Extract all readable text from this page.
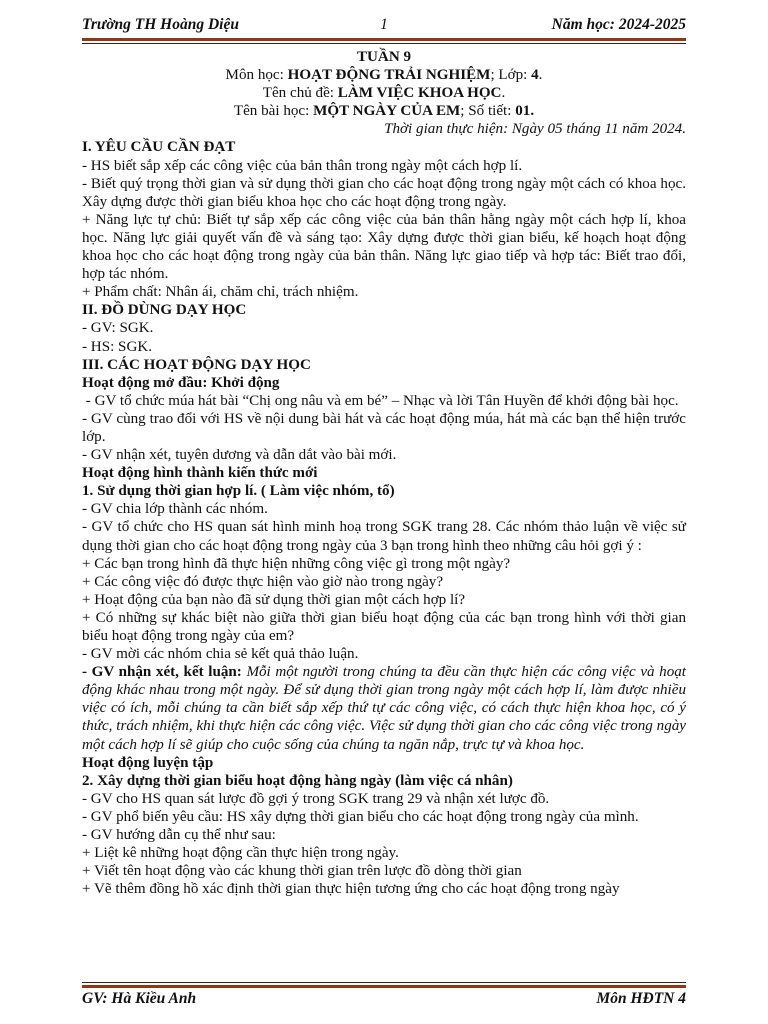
Trường TH Hoàng Diệu	1	Năm học: 2024-2025

TUẦN 9

Môn học: HOẠT ĐỘNG TRẢI NGHIỆM; Lớp: 4.

Tên chủ đề: LÀM VIỆC KHOA HỌC.

Tên bài học: MỘT NGÀY CỦA EM; Số tiết: 01.

Thời gian thực hiện: Ngày 05 tháng 11 năm 2024.

I. YÊU CẦU CẦN ĐẠT

- HS biết sắp xếp các công việc của bản thân trong ngày một cách hợp lí.

- Biết quý trọng thời gian và sử dụng thời gian cho các hoạt động trong ngày một cách có khoa học. Xây dựng được thời gian biểu khoa học cho các hoạt động trong ngày.

+ Năng lực tự chủ: Biết tự sắp xếp các công việc của bản thân hằng ngày một cách hợp lí, khoa học. Năng lực giải quyết vấn đề và sáng tạo: Xây dựng được thời gian biểu, kế hoạch hoạt động khoa học cho các hoạt động trong ngày của bản thân. Năng lực giao tiếp và hợp tác: Biết trao đổi, hợp tác nhóm.

+ Phẩm chất: Nhân ái, chăm chỉ, trách nhiệm.

II. ĐỒ DÙNG DẠY HỌC

- GV: SGK.

- HS: SGK.

III. CÁC HOẠT ĐỘNG DẠY HỌC

Hoạt động mở đầu: Khởi động

- GV tổ chức múa hát bài “Chị ong nâu và em bé” – Nhạc và lời Tân Huyền để khởi động bài học.

- GV cùng trao đổi với HS về nội dung bài hát và các hoạt động múa, hát mà các bạn thể hiện trước lớp.

- GV nhận xét, tuyên dương và dẫn dắt vào bài mới.

Hoạt động hình thành kiến thức mới

1. Sử dụng thời gian hợp lí. ( Làm việc nhóm, tổ)

- GV chia lớp thành các nhóm.

- GV tổ chức cho HS quan sát hình minh hoạ trong SGK trang 28. Các nhóm thảo luận về việc sử dụng thời gian cho các hoạt động trong ngày của 3 bạn trong hình theo những câu hỏi gợi ý :

+ Các bạn trong hình đã thực hiện những công việc gì trong một ngày?

+ Các công việc đó được thực hiện vào giờ nào trong ngày?

+ Hoạt động của bạn nào đã sử dụng thời gian một cách hợp lí?

+ Có những sự khác biệt nào giữa thời gian biểu hoạt động của các bạn trong hình với thời gian biểu hoạt động trong ngày của em?

- GV mời các nhóm chia sẻ kết quả thảo luận.

- GV nhận xét, kết luận: Mỗi một người trong chúng ta đều cần thực hiện các công việc và hoạt động khác nhau trong một ngày. Để sử dụng thời gian trong ngày một cách hợp lí, làm được nhiều việc có ích, mỗi chúng ta cần biết sắp xếp thứ tự các công việc, có cách thực hiện khoa học, có ý thức, trách nhiệm, khi thực hiện các công việc. Việc sử dụng thời gian cho các công việc trong ngày một cách hợp lí sẽ giúp cho cuộc sống của chúng ta ngăn nắp, trực tự và khoa học.

Hoạt động luyện tập

2. Xây dựng thời gian biểu hoạt động hàng ngày (làm việc cá nhân)

- GV cho HS quan sát lược đồ gợi ý trong SGK trang 29 và nhận xét lược đồ.

- GV phổ biến yêu cầu: HS xây dựng thời gian biểu cho các hoạt động trong ngày của mình.

- GV hướng dẫn cụ thể như sau:

+ Liệt kê những hoạt động cần thực hiện trong ngày.

+ Viết tên hoạt động vào các khung thời gian trên lược đồ dòng thời gian

+ Vẽ thêm đồng hồ xác định thời gian thực hiện tương ứng cho các hoạt động trong ngày

GV: Hà Kiều Anh	Môn HĐTN 4
